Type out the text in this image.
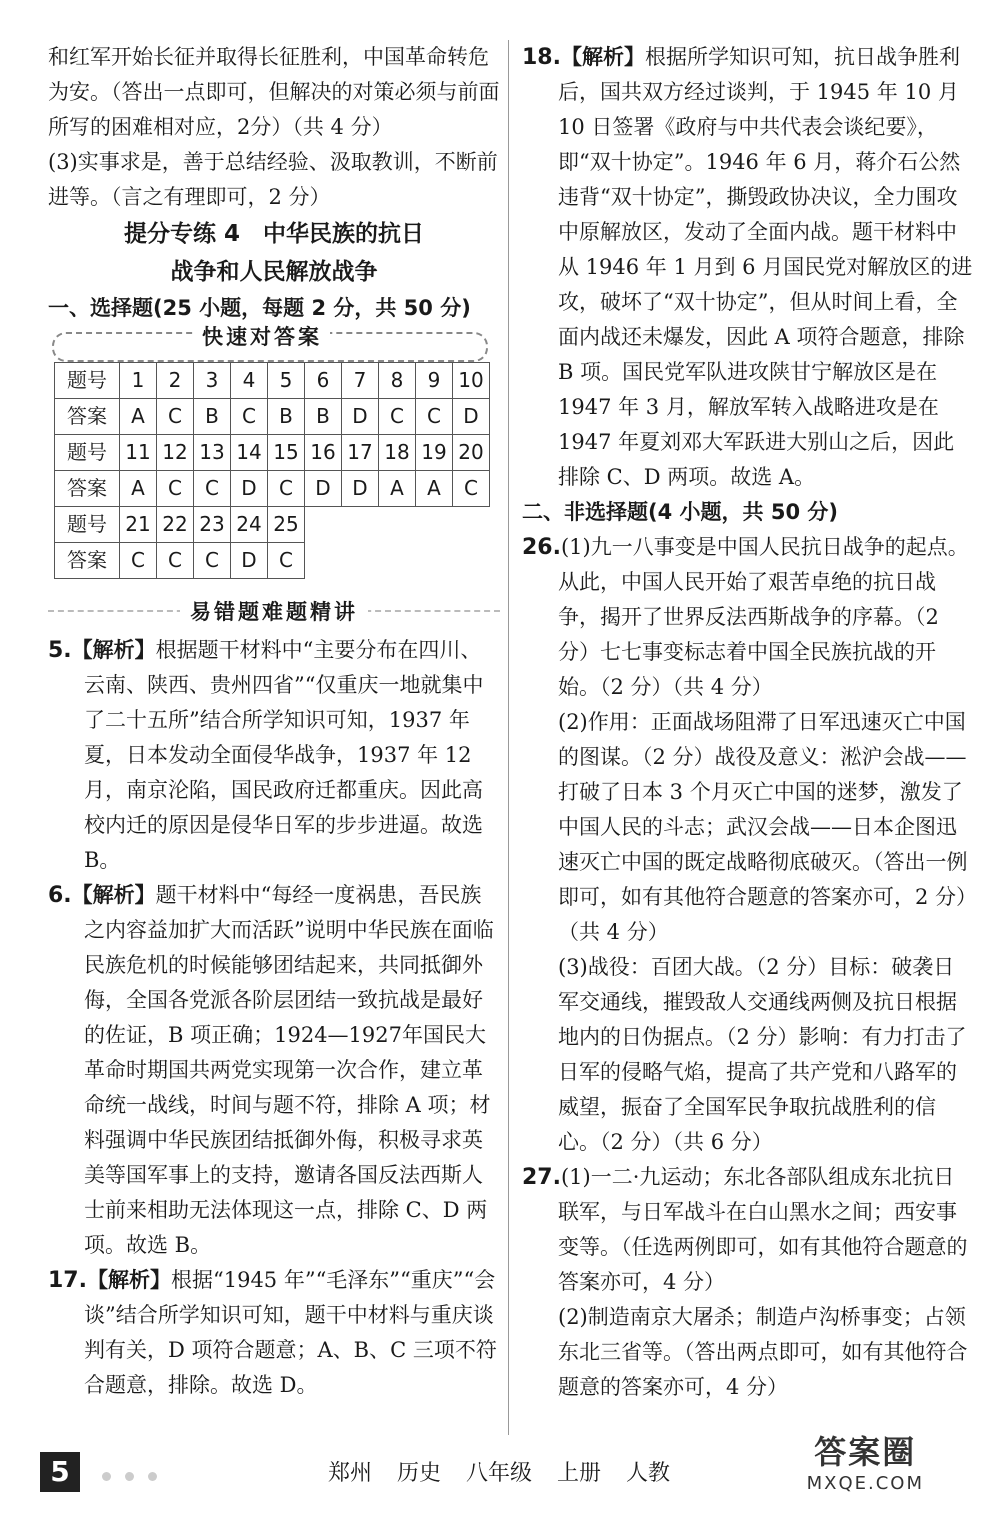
和红军开始长征并取得长征胜利，中国革命转危为安。（答出一点即可，但解决的对策必须与前面所写的困难相对应，2分）（共 4 分）

(3)实事求是，善于总结经验、汲取教训，不断前进等。（言之有理即可，2 分）

提分专练 4　中华民族的抗日
战争和人民解放战争

一、选择题(25 小题，每题 2 分，共 50 分)

快速对答案
题号	1	2	3	4	5	6	7	8	9	10
答案	A	C	B	C	B	B	D	C	C	D
题号	11	12	13	14	15	16	17	18	19	20
答案	A	C	C	D	C	D	D	A	A	C
题号	21	22	23	24	25					
答案	C	C	C	D	C					
易错题难题精讲

5.【解析】根据题干材料中“主要分布在四川、云南、陕西、贵州四省”“仅重庆一地就集中了二十五所”结合所学知识可知，1937 年夏，日本发动全面侵华战争，1937 年 12 月，南京沦陷，国民政府迁都重庆。因此高校内迁的原因是侵华日军的步步进逼。故选 B。

6.【解析】题干材料中“每经一度祸患，吾民族之内容益加扩大而活跃”说明中华民族在面临民族危机的时候能够团结起来，共同抵御外侮，全国各党派各阶层团结一致抗战是最好的佐证，B 项正确；1924—1927年国民大革命时期国共两党实现第一次合作，建立革命统一战线，时间与题不符，排除 A 项；材料强调中华民族团结抵御外侮，积极寻求英美等国军事上的支持，邀请各国反法西斯人士前来相助无法体现这一点，排除 C、D 两项。故选 B。

17.【解析】根据“1945 年”“毛泽东”“重庆”“会谈”结合所学知识可知，题干中材料与重庆谈判有关，D 项符合题意；A、B、C 三项不符合题意，排除。故选 D。

18.【解析】根据所学知识可知，抗日战争胜利后，国共双方经过谈判，于 1945 年 10 月 10 日签署《政府与中共代表会谈纪要》，即“双十协定”。1946 年 6 月，蒋介石公然违背“双十协定”，撕毁政协决议，全力围攻中原解放区，发动了全面内战。题干材料中从 1946 年 1 月到 6 月国民党对解放区的进攻，破坏了“双十协定”，但从时间上看，全面内战还未爆发，因此 A 项符合题意，排除 B 项。国民党军队进攻陕甘宁解放区是在 1947 年 3 月，解放军转入战略进攻是在 1947 年夏刘邓大军跃进大别山之后，因此排除 C、D 两项。故选 A。

二、非选择题(4 小题，共 50 分)

26.(1)九一八事变是中国人民抗日战争的起点。从此，中国人民开始了艰苦卓绝的抗日战争，揭开了世界反法西斯战争的序幕。（2 分）七七事变标志着中国全民族抗战的开始。（2 分）（共 4 分）

(2)作用：正面战场阻滞了日军迅速灭亡中国的图谋。（2 分）战役及意义：淞沪会战——打破了日本 3 个月灭亡中国的迷梦，激发了中国人民的斗志；武汉会战——日本企图迅速灭亡中国的既定战略彻底破灭。（答出一例即可，如有其他符合题意的答案亦可，2 分）（共 4 分）

(3)战役：百团大战。（2 分）目标：破袭日军交通线，摧毁敌人交通线两侧及抗日根据地内的日伪据点。（2 分）影响：有力打击了日军的侵略气焰，提高了共产党和八路军的威望，振奋了全国军民争取抗战胜利的信心。（2 分）（共 6 分）

27.(1)一二·九运动；东北各部队组成东北抗日联军，与日军战斗在白山黑水之间；西安事变等。（任选两例即可，如有其他符合题意的答案亦可，4 分）

(2)制造南京大屠杀；制造卢沟桥事变；占领东北三省等。（答出两点即可，如有其他符合题意的答案亦可，4 分）

5	郑州 历史 八年级 上册 人教
答案圈
MXQE.COM
